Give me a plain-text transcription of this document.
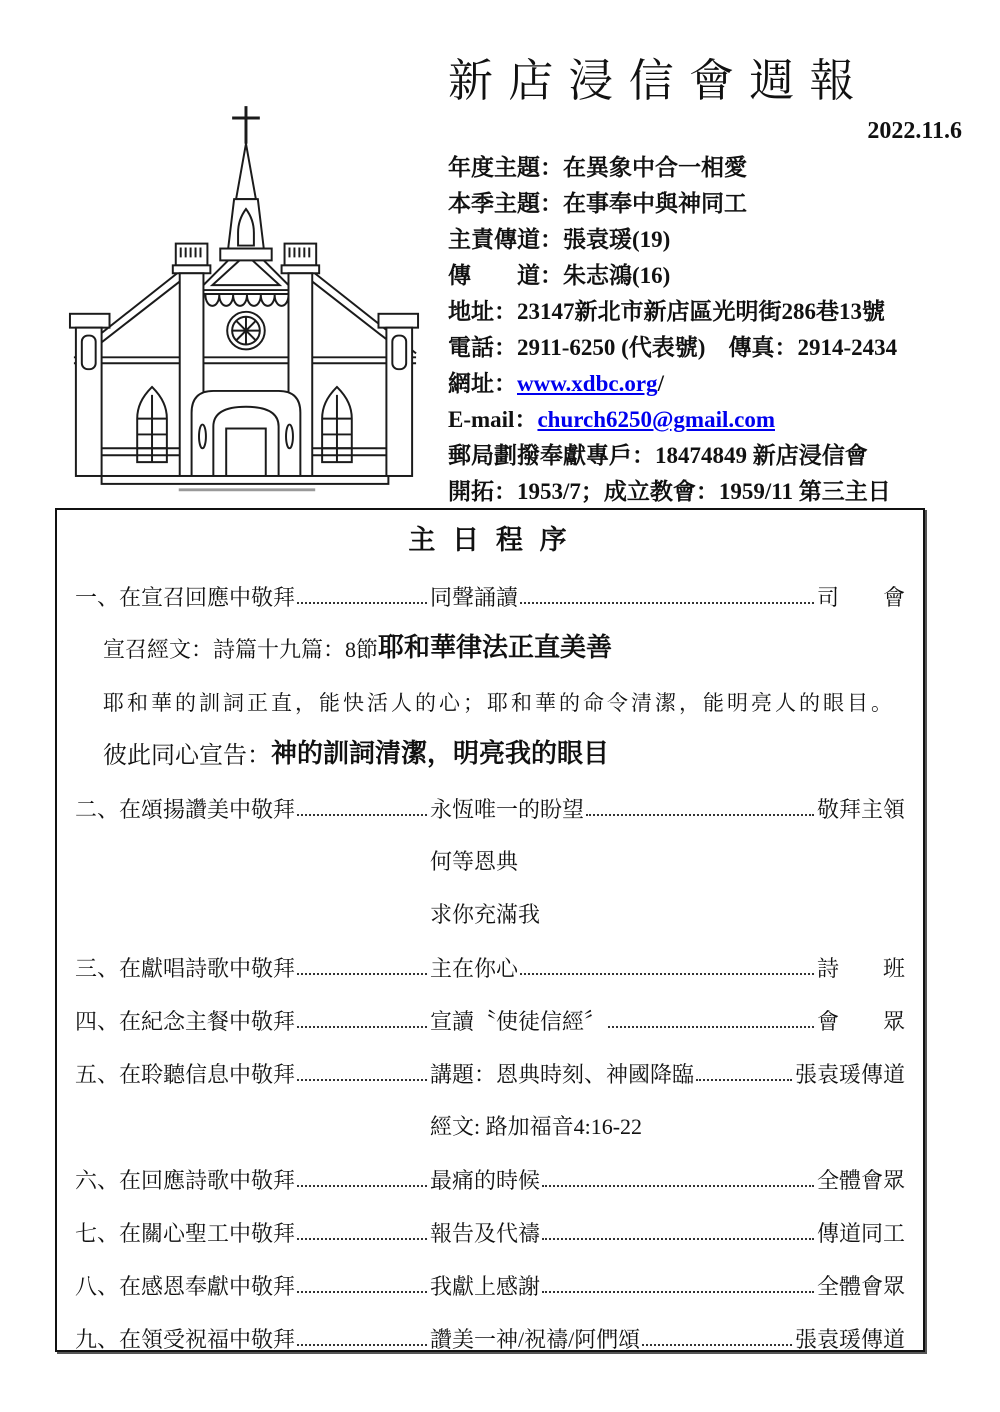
新 店 浸 信 會 週 報
2022.11.6
年度主題：在異象中合一相愛
本季主題：在事奉中與神同工
主責傳道：張袁瑗(19)
傳　　道：朱志鴻(16)
地址：23147新北市新店區光明街286巷13號
電話：2911-6250 (代表號)　傳真：2914-2434
網址：www.xdbc.org/
E-mail：church6250@gmail.com
郵局劃撥奉獻專戶：18474849 新店浸信會
開拓：1953/7；成立教會：1959/11 第三主日
主 日 程 序
一、在宣召回應中敬拜	同聲誦讀	司　　會
宣召經文：詩篇十九篇：8節 耶和華律法正直美善
耶和華的訓詞正直，能快活人的心；耶和華的命令清潔，能明亮人的眼目。
彼此同心宣告： 神的訓詞清潔，明亮我的眼目
二、在頌揚讚美中敬拜	永恆唯一的盼望	敬拜主領
何等恩典
求你充滿我
三、在獻唱詩歌中敬拜	主在你心	詩　　班
四、在紀念主餐中敬拜	宣讀〝使徒信經〞	會　　眾
五、在聆聽信息中敬拜	講題：恩典時刻、神國降臨	張袁瑗傳道
經文: 路加福音4:16-22
六、在回應詩歌中敬拜	最痛的時候	全體會眾
七、在關心聖工中敬拜	報告及代禱	傳道同工
八、在感恩奉獻中敬拜	我獻上感謝	全體會眾
九、在領受祝福中敬拜	讚美一神/祝禱/阿們頌	張袁瑗傳道
